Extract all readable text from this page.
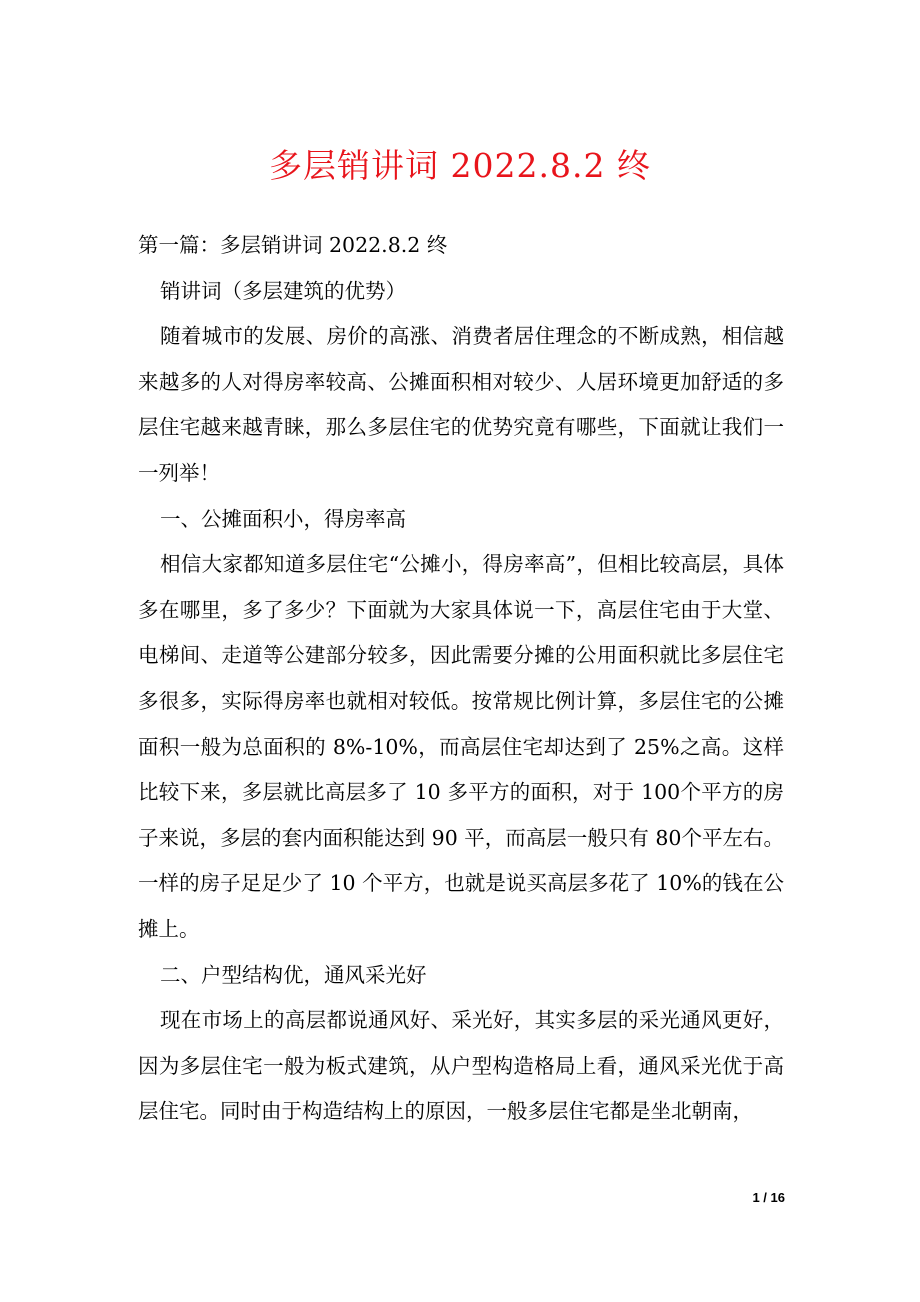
多层销讲词 2022.8.2 终

第一篇：多层销讲词 2022.8.2 终

销讲词（多层建筑的优势）

随着城市的发展、房价的高涨、消费者居住理念的不断成熟，相信越来越多的人对得房率较高、公摊面积相对较少、人居环境更加舒适的多层住宅越来越青睐，那么多层住宅的优势究竟有哪些，下面就让我们一一列举！

一、公摊面积小，得房率高

相信大家都知道多层住宅“公摊小，得房率高”，但相比较高层，具体多在哪里，多了多少？下面就为大家具体说一下，高层住宅由于大堂、电梯间、走道等公建部分较多，因此需要分摊的公用面积就比多层住宅多很多，实际得房率也就相对较低。按常规比例计算，多层住宅的公摊面积一般为总面积的 8%-10%，而高层住宅却达到了 25%之高。这样比较下来，多层就比高层多了 10 多平方的面积，对于 100个平方的房子来说，多层的套内面积能达到 90 平，而高层一般只有 80个平左右。一样的房子足足少了 10 个平方，也就是说买高层多花了 10%的钱在公摊上。

二、户型结构优，通风采光好

现在市场上的高层都说通风好、采光好，其实多层的采光通风更好，因为多层住宅一般为板式建筑，从户型构造格局上看，通风采光优于高层住宅。同时由于构造结构上的原因，一般多层住宅都是坐北朝南，

1 / 16
